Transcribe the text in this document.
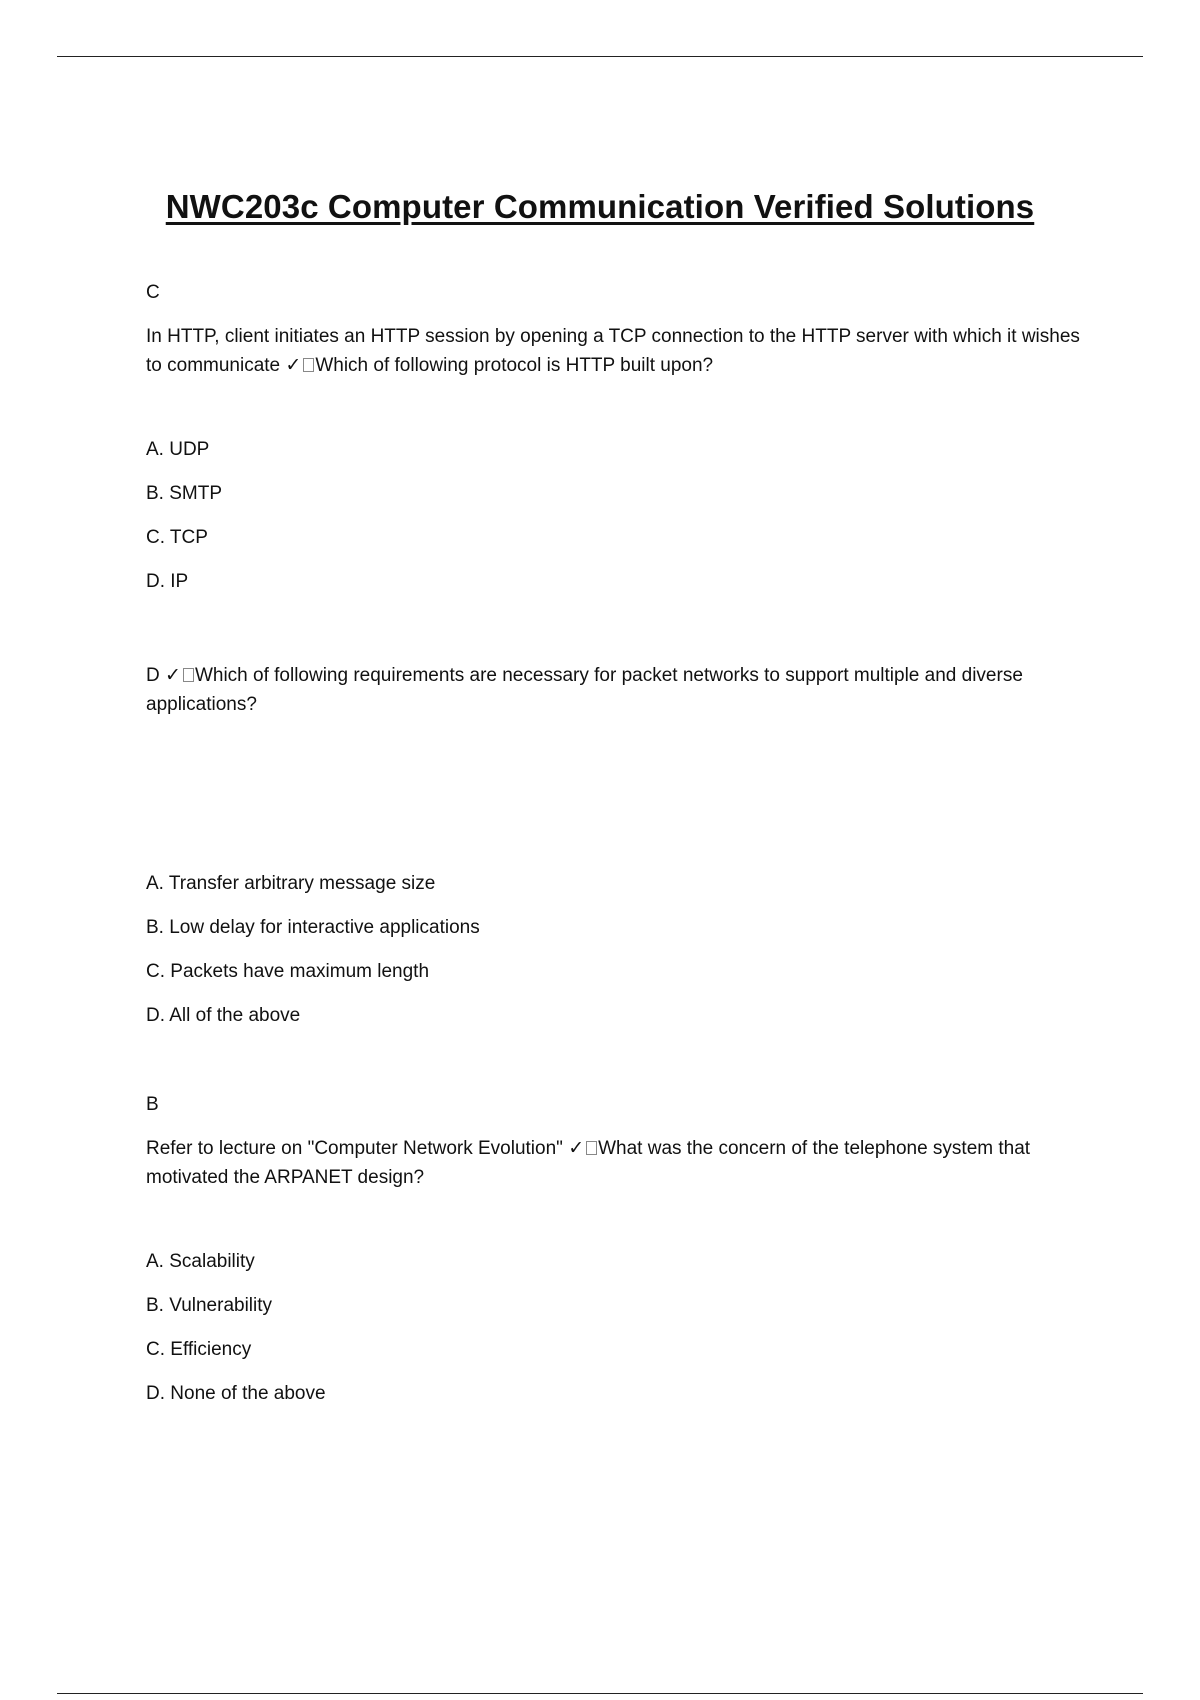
NWC203c Computer Communication Verified Solutions

C

In HTTP, client initiates an HTTP session by opening a TCP connection to the HTTP server with which it wishes to communicate ✓ Which of following protocol is HTTP built upon?

A. UDP
B. SMTP
C. TCP
D. IP

D ✓ Which of following requirements are necessary for packet networks to support multiple and diverse applications?

A. Transfer arbitrary message size
B. Low delay for interactive applications
C. Packets have maximum length
D. All of the above

B

Refer to lecture on "Computer Network Evolution" ✓ What was the concern of the telephone system that motivated the ARPANET design?

A. Scalability
B. Vulnerability
C. Efficiency
D. None of the above
